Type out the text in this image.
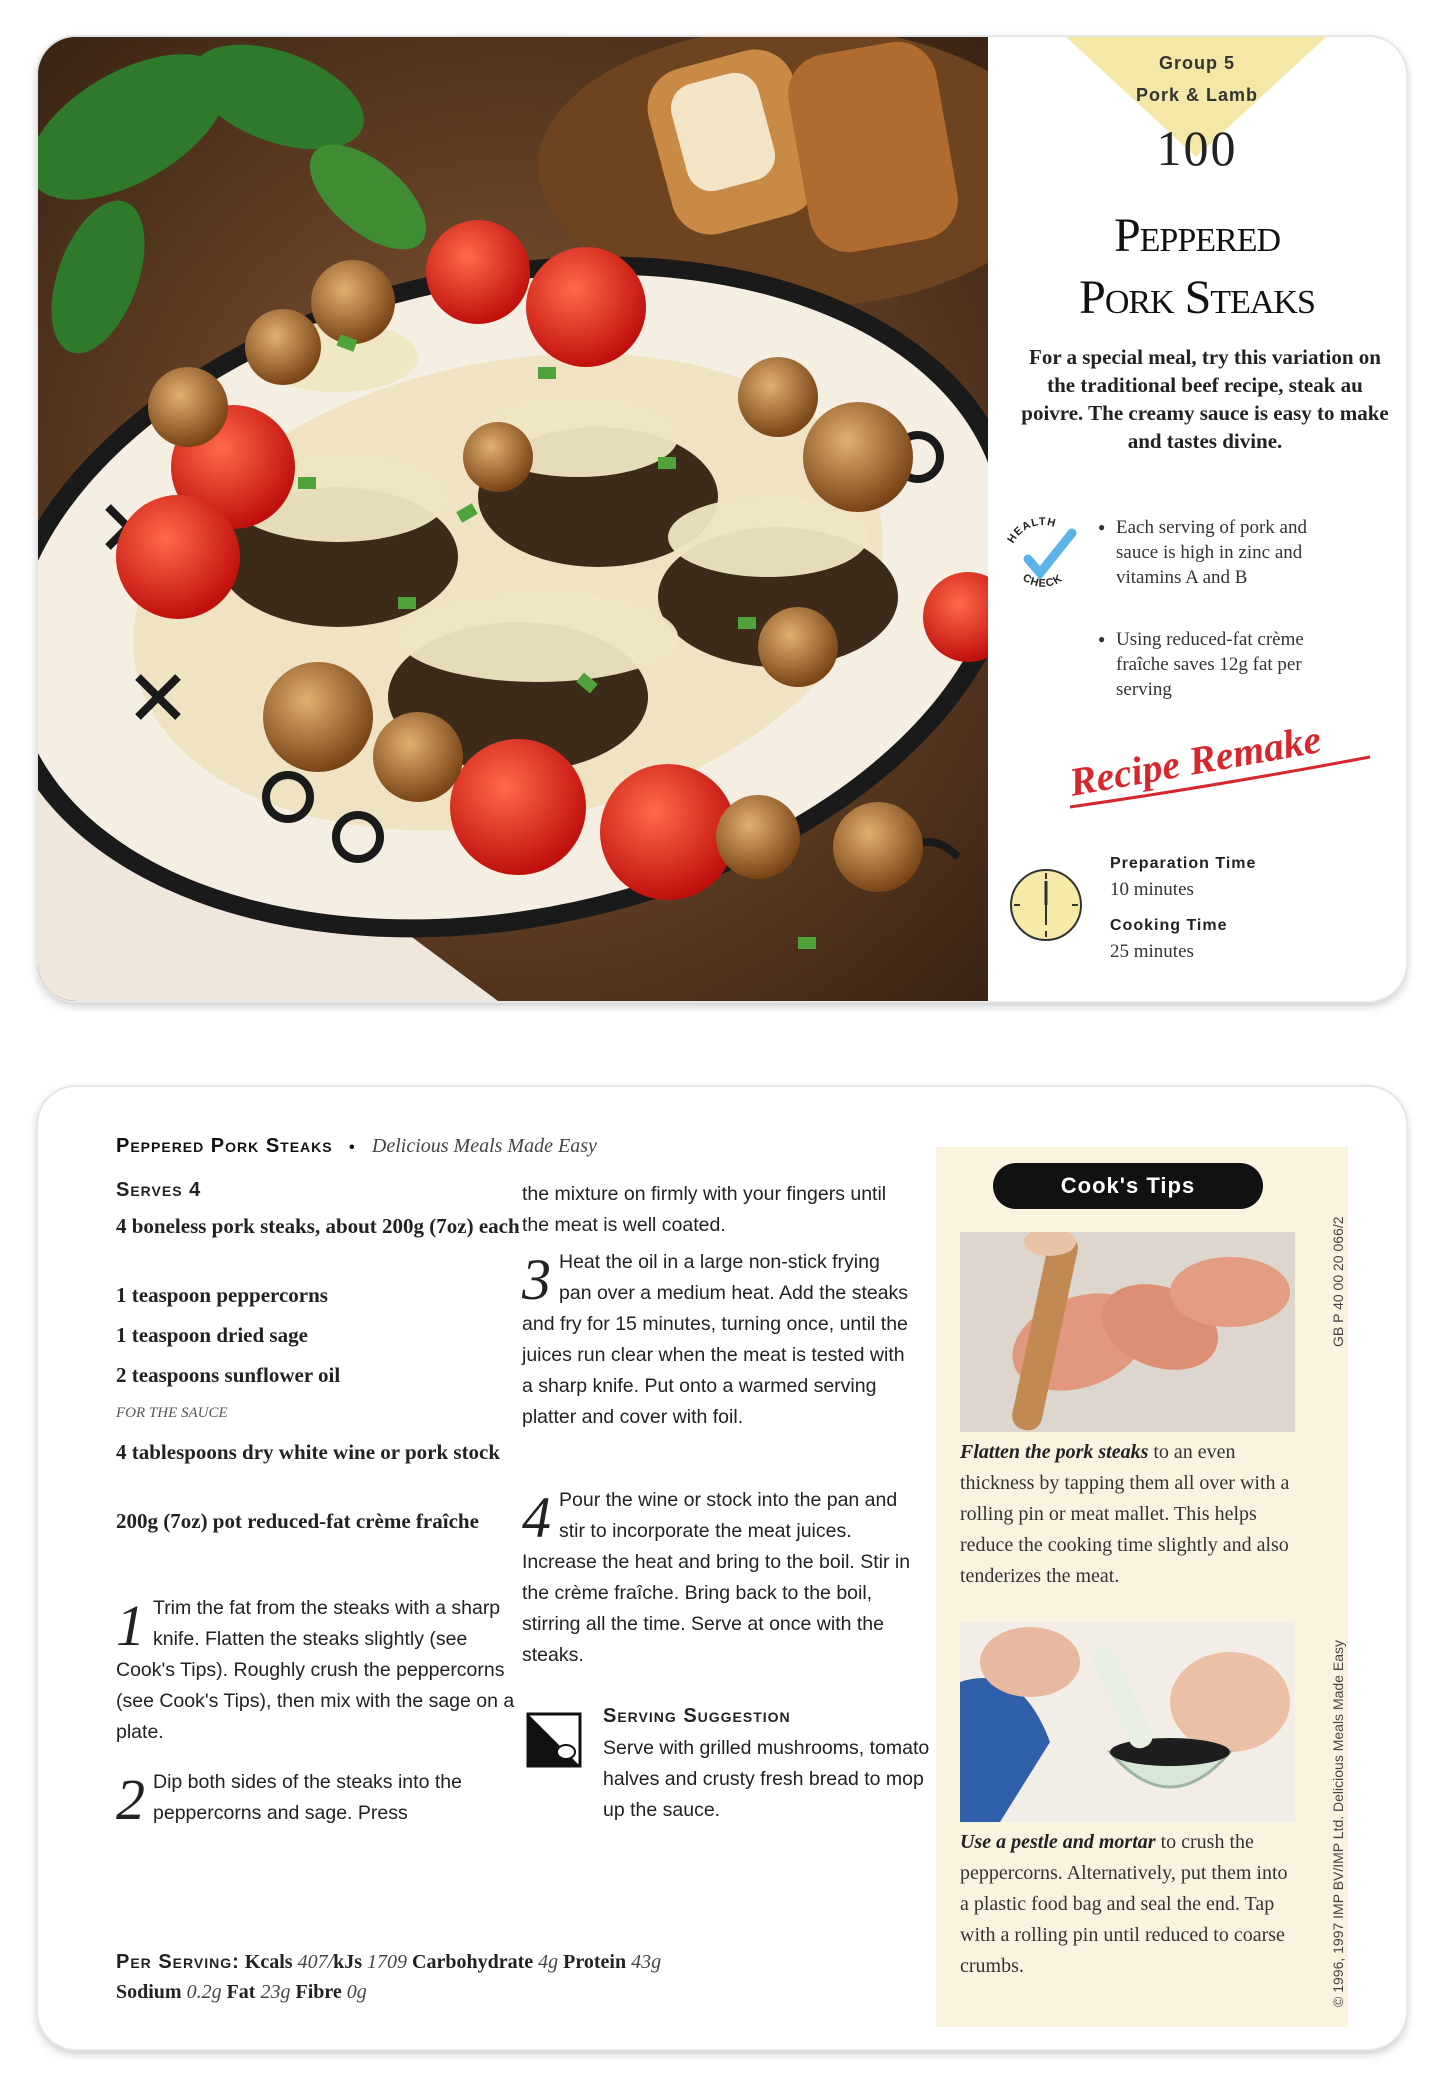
Group 5
Pork & Lamb
100
Peppered
Pork Steaks
For a special meal, try this variation on the traditional beef recipe, steak au poivre. The creamy sauce is easy to make and tastes divine.
HEALTH
CHECK
● Each serving of pork and sauce is high in zinc and vitamins A and B
● Using reduced-fat crème fraîche saves 12g fat per serving
Recipe Remake
Preparation Time
10 minutes
Cooking Time
25 minutes
Peppered Pork Steaks • Delicious Meals Made Easy
Serves 4
4 boneless pork steaks, about 200g (7oz) each
1 teaspoon peppercorns
1 teaspoon dried sage
2 teaspoons sunflower oil
FOR THE SAUCE
4 tablespoons dry white wine or pork stock
200g (7oz) pot reduced-fat crème fraîche
1 Trim the fat from the steaks with a sharp knife. Flatten the steaks slightly (see Cook's Tips). Roughly crush the peppercorns (see Cook's Tips), then mix with the sage on a plate.
2 Dip both sides of the steaks into the peppercorns and sage. Press
the mixture on firmly with your fingers until the meat is well coated.
3 Heat the oil in a large non-stick frying pan over a medium heat. Add the steaks and fry for 15 minutes, turning once, until the juices run clear when the meat is tested with a sharp knife. Put onto a warmed serving platter and cover with foil.
4 Pour the wine or stock into the pan and stir to incorporate the meat juices. Increase the heat and bring to the boil. Stir in the crème fraîche. Bring back to the boil, stirring all the time. Serve at once with the steaks.
Serving Suggestion
Serve with grilled mushrooms, tomato halves and crusty fresh bread to mop up the sauce.
Per Serving: Kcals 407/kJs 1709 Carbohydrate 4g Protein 43g
Sodium 0.2g Fat 23g Fibre 0g
Cook's Tips
Flatten the pork steaks to an even thickness by tapping them all over with a rolling pin or meat mallet. This helps reduce the cooking time slightly and also tenderizes the meat.
Use a pestle and mortar to crush the peppercorns. Alternatively, put them into a plastic food bag and seal the end. Tap with a rolling pin until reduced to coarse crumbs.
GB P 40 00 20 066/2
© 1996, 1997 IMP BV/IMP Ltd. Delicious Meals Made Easy
